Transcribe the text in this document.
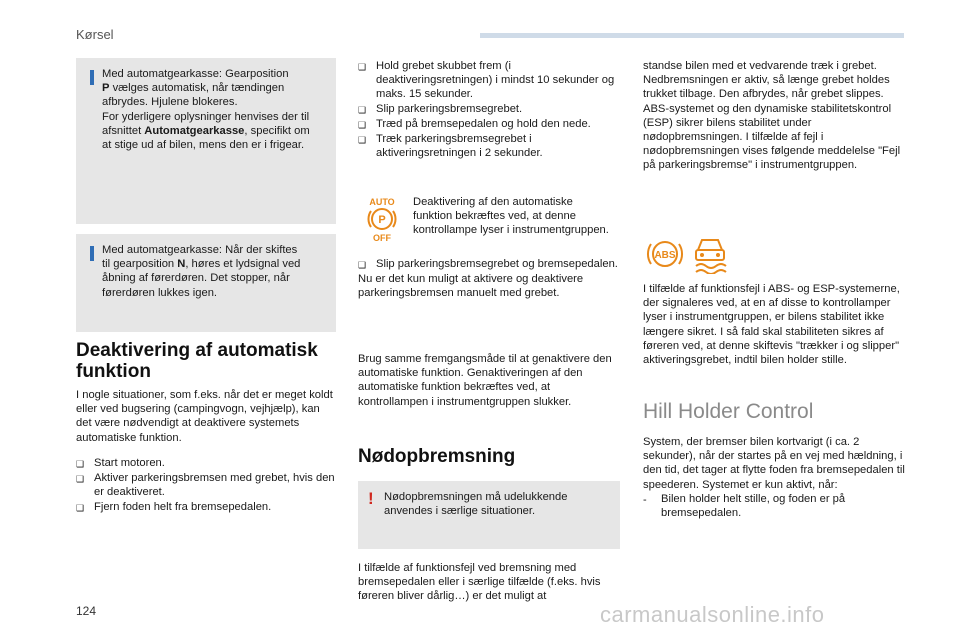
Kørsel

Med automatgearkasse: Gearposition

P vælges automatisk, når tændingen

afbrydes. Hjulene blokeres.

For yderligere oplysninger henvises der til

afsnittet Automatgearkasse, specifikt om

at stige ud af bilen, mens den er i frigear.

Med automatgearkasse: Når der skiftes

til gearposition N, høres et lydsignal ved

åbning af førerdøren. Det stopper, når

førerdøren lukkes igen.

Deaktivering af automatisk funktion

I nogle situationer, som f.eks. når det er meget koldt eller ved bugsering (campingvogn, vejhjælp), kan det være nødvendigt at deaktivere systemets automatiske funktion.

❑ Start motoren.
❑ Aktiver parkeringsbremsen med grebet, hvis den er deaktiveret.
❑ Fjern foden helt fra bremsepedalen.
❑ Hold grebet skubbet frem (i deaktiveringsretningen) i mindst 10 sekunder og maks. 15 sekunder.
❑ Slip parkeringsbremsegrebet.
❑ Træd på bremsepedalen og hold den nede.
❑ Træk parkeringsbremsegrebet i aktiveringsretningen i 2 sekunder.
AUTO
P
OFF

Deaktivering af den automatiske funktion bekræftes ved, at denne kontrollampe lyser i instrumentgruppen.

❑ Slip parkeringsbremsegrebet og bremsepedalen.

Nu er det kun muligt at aktivere og deaktivere parkeringsbremsen manuelt med grebet.

Brug samme fremgangsmåde til at genaktivere den automatiske funktion. Genaktiveringen af den automatiske funktion bekræftes ved, at kontrollampen i instrumentgruppen slukker.

Nødopbremsning
! Nødopbremsningen må udelukkende anvendes i særlige situationer.

I tilfælde af funktionsfejl ved bremsning med bremsepedalen eller i særlige tilfælde (f.eks. hvis føreren bliver dårlig…) er det muligt at

standse bilen med et vedvarende træk i grebet. Nedbremsningen er aktiv, så længe grebet holdes trukket tilbage. Den afbrydes, når grebet slippes. ABS-systemet og den dynamiske stabilitetskontrol (ESP) sikrer bilens stabilitet under nødopbremsningen. I tilfælde af fejl i nødopbremsningen vises følgende meddelelse "Fejl på parkeringsbremse" i instrumentgruppen.

ABS

I tilfælde af funktionsfejl i ABS- og ESP-systemerne, der signaleres ved, at en af disse to kontrollamper lyser i instrumentgruppen, er bilens stabilitet ikke længere sikret. I så fald skal stabiliteten sikres af føreren ved, at denne skiftevis "trækker i og slipper" aktiveringsgrebet, indtil bilen holder stille.

Hill Holder Control

System, der bremser bilen kortvarigt (i ca. 2 sekunder), når der startes på en vej med hældning, i den tid, det tager at flytte foden fra bremsepedalen til speederen. Systemet er kun aktivt, når:

-	Bilen holder helt stille, og foden er på bremsepedalen.
124	carmanualsonline.info
